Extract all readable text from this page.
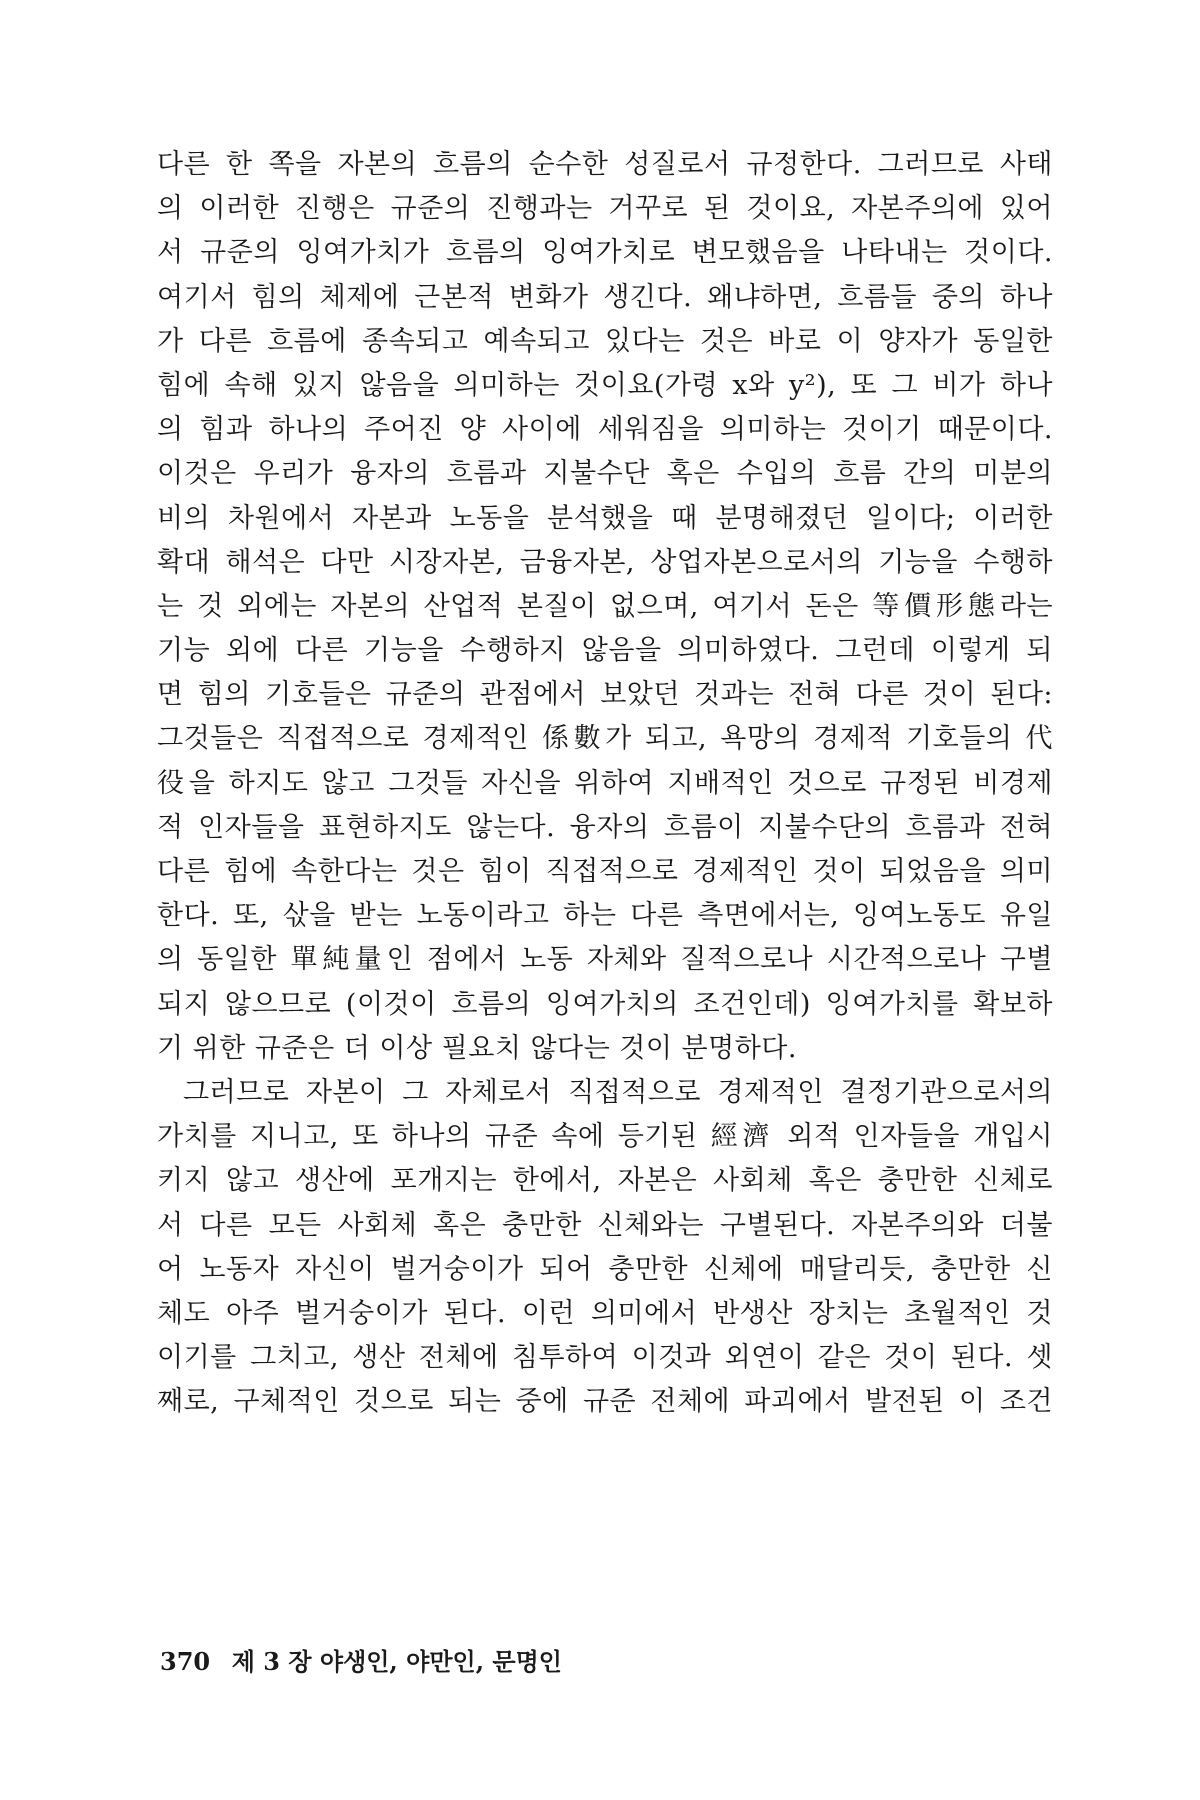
다른 한 쪽을 자본의 흐름의 순수한 성질로서 규정한다. 그러므로 사태
의 이러한 진행은 규준의 진행과는 거꾸로 된 것이요, 자본주의에 있어
서 규준의 잉여가치가 흐름의 잉여가치로 변모했음을 나타내는 것이다.
여기서 힘의 체제에 근본적 변화가 생긴다. 왜냐하면, 흐름들 중의 하나
가 다른 흐름에 종속되고 예속되고 있다는 것은 바로 이 양자가 동일한
힘에 속해 있지 않음을 의미하는 것이요(가령 x와 y²), 또 그 비가 하나
의 힘과 하나의 주어진 양 사이에 세워짐을 의미하는 것이기 때문이다.
이것은 우리가 융자의 흐름과 지불수단 혹은 수입의 흐름 간의 미분의
비의 차원에서 자본과 노동을 분석했을 때 분명해졌던 일이다; 이러한
확대 해석은 다만 시장자본, 금융자본, 상업자본으로서의 기능을 수행하
는 것 외에는 자본의 산업적 본질이 없으며, 여기서 돈은 等價形態라는
기능 외에 다른 기능을 수행하지 않음을 의미하였다. 그런데 이렇게 되
면 힘의 기호들은 규준의 관점에서 보았던 것과는 전혀 다른 것이 된다:
그것들은 직접적으로 경제적인 係數가 되고, 욕망의 경제적 기호들의 代
役을 하지도 않고 그것들 자신을 위하여 지배적인 것으로 규정된 비경제
적 인자들을 표현하지도 않는다. 융자의 흐름이 지불수단의 흐름과 전혀
다른 힘에 속한다는 것은 힘이 직접적으로 경제적인 것이 되었음을 의미
한다. 또, 삯을 받는 노동이라고 하는 다른 측면에서는, 잉여노동도 유일
의 동일한 單純量인 점에서 노동 자체와 질적으로나 시간적으로나 구별
되지 않으므로 (이것이 흐름의 잉여가치의 조건인데) 잉여가치를 확보하
기 위한 규준은 더 이상 필요치 않다는 것이 분명하다.
그러므로 자본이 그 자체로서 직접적으로 경제적인 결정기관으로서의
가치를 지니고, 또 하나의 규준 속에 등기된 經濟 외적 인자들을 개입시
키지 않고 생산에 포개지는 한에서, 자본은 사회체 혹은 충만한 신체로
서 다른 모든 사회체 혹은 충만한 신체와는 구별된다. 자본주의와 더불
어 노동자 자신이 벌거숭이가 되어 충만한 신체에 매달리듯, 충만한 신
체도 아주 벌거숭이가 된다. 이런 의미에서 반생산 장치는 초월적인 것
이기를 그치고, 생산 전체에 침투하여 이것과 외연이 같은 것이 된다. 셋
째로, 구체적인 것으로 되는 중에 규준 전체에 파괴에서 발전된 이 조건
370 제 3 장 야생인, 야만인, 문명인
